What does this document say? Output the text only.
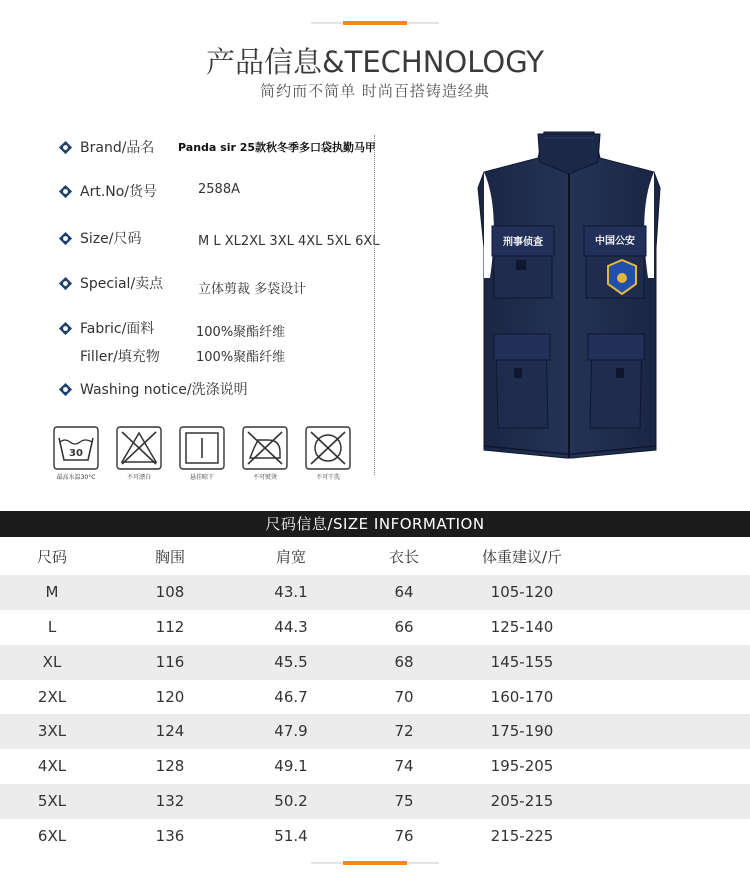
产品信息&TECHNOLOGY
简约而不简单 时尚百搭铸造经典
Brand/品名 Panda sir 25款秋冬季多口袋执勤马甲
Art.No/货号	2588A
Size/尺码	M L XL2XL 3XL 4XL 5XL 6XL
Special/卖点	立体剪裁 多袋设计
Fabric/面料	100%聚酯纤维
Filler/填充物	100%聚酯纤维
Washing notice/洗涤说明
30
最高水温30°C	不可漂白	悬挂晾干	不可熨烫	不可干洗
刑事侦查	中国公安
尺码信息/SIZE INFORMATION
尺码	胸围	肩宽	衣长	体重建议/斤
M	108	43.1	64	105-120
L	112	44.3	66	125-140
XL	116	45.5	68	145-155
2XL	120	46.7	70	160-170
3XL	124	47.9	72	175-190
4XL	128	49.1	74	195-205
5XL	132	50.2	75	205-215
6XL	136	51.4	76	215-225
